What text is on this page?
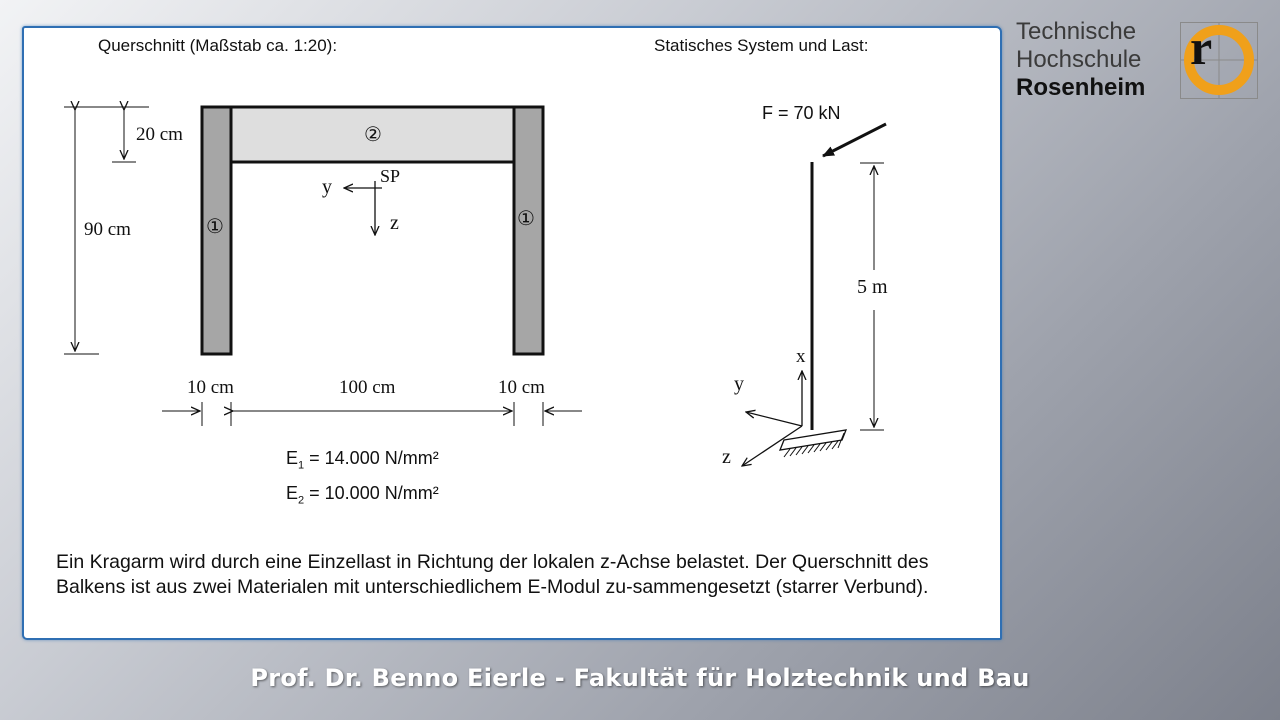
Querschnitt (Maßstab ca. 1:20):
20 cm
90 cm
②
①	①
SP
y
z
10 cm	100 cm	10 cm
$E_1 = 14.000$ N/mm²
$E_2 = 10.000$ N/mm²
Statisches System und Last:
F = 70 kN
5 m
x
y
z
Ein Kragarm wird durch eine Einzellast in Richtung der lokalen z-Achse belastet. Der Querschnitt des Balkens ist aus zwei Materialen mit unterschiedlichem E-Modul zu-sammengesetzt (starrer Verbund).
Technische
Hochschule
Rosenheim
r
Prof. Dr. Benno Eierle - Fakultät für Holztechnik und Bau
